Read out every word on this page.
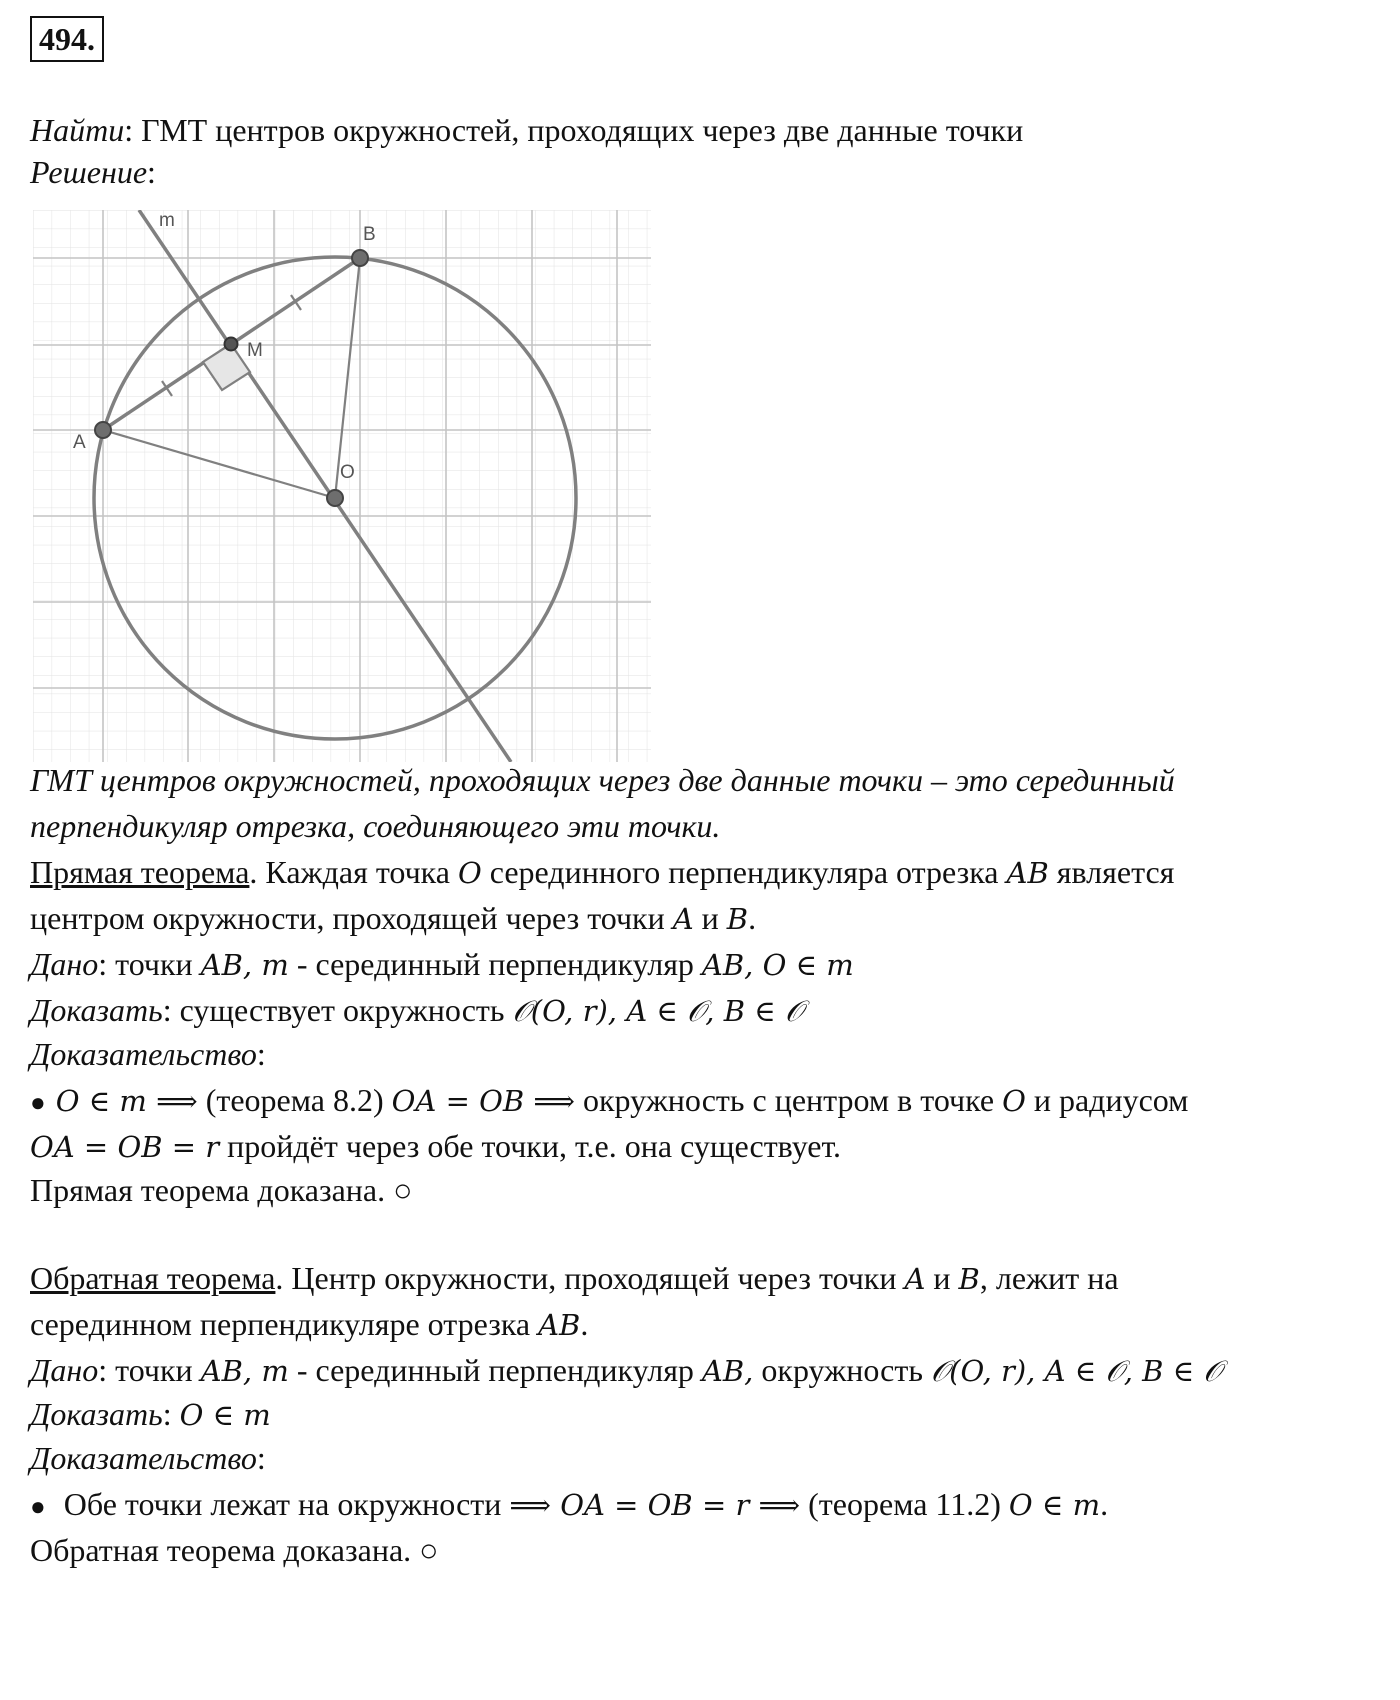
494.
Найти: ГМТ центров окружностей, проходящих через две данные точки
Решение:
m
B
M
A
O
ГМТ центров окружностей, проходящих через две данные точки – это серединный
перпендикуляр отрезка, соединяющего эти точки.
Прямая теорема. Каждая точка O серединного перпендикуляра отрезка AB является
центром окружности, проходящей через точки A и B.
Дано: точки AB, m - серединный перпендикуляр AB, O ∈ m
Доказать: существует окружность 𝒪(O, r), A ∈ 𝒪, B ∈ 𝒪
Доказательство:
● O ∈ m ⟹ (теорема 8.2) OA = OB ⟹ окружность с центром в точке O и радиусом
OA = OB = r пройдёт через обе точки, т.е. она существует.
Прямая теорема доказана. ○
Обратная теорема. Центр окружности, проходящей через точки A и B, лежит на
серединном перпендикуляре отрезка AB.
Дано: точки AB, m - серединный перпендикуляр AB, окружность 𝒪(O, r), A ∈ 𝒪, B ∈ 𝒪
Доказать: O ∈ m
Доказательство:
● Обе точки лежат на окружности ⟹ OA = OB = r ⟹ (теорема 11.2) O ∈ m.
Обратная теорема доказана. ○
